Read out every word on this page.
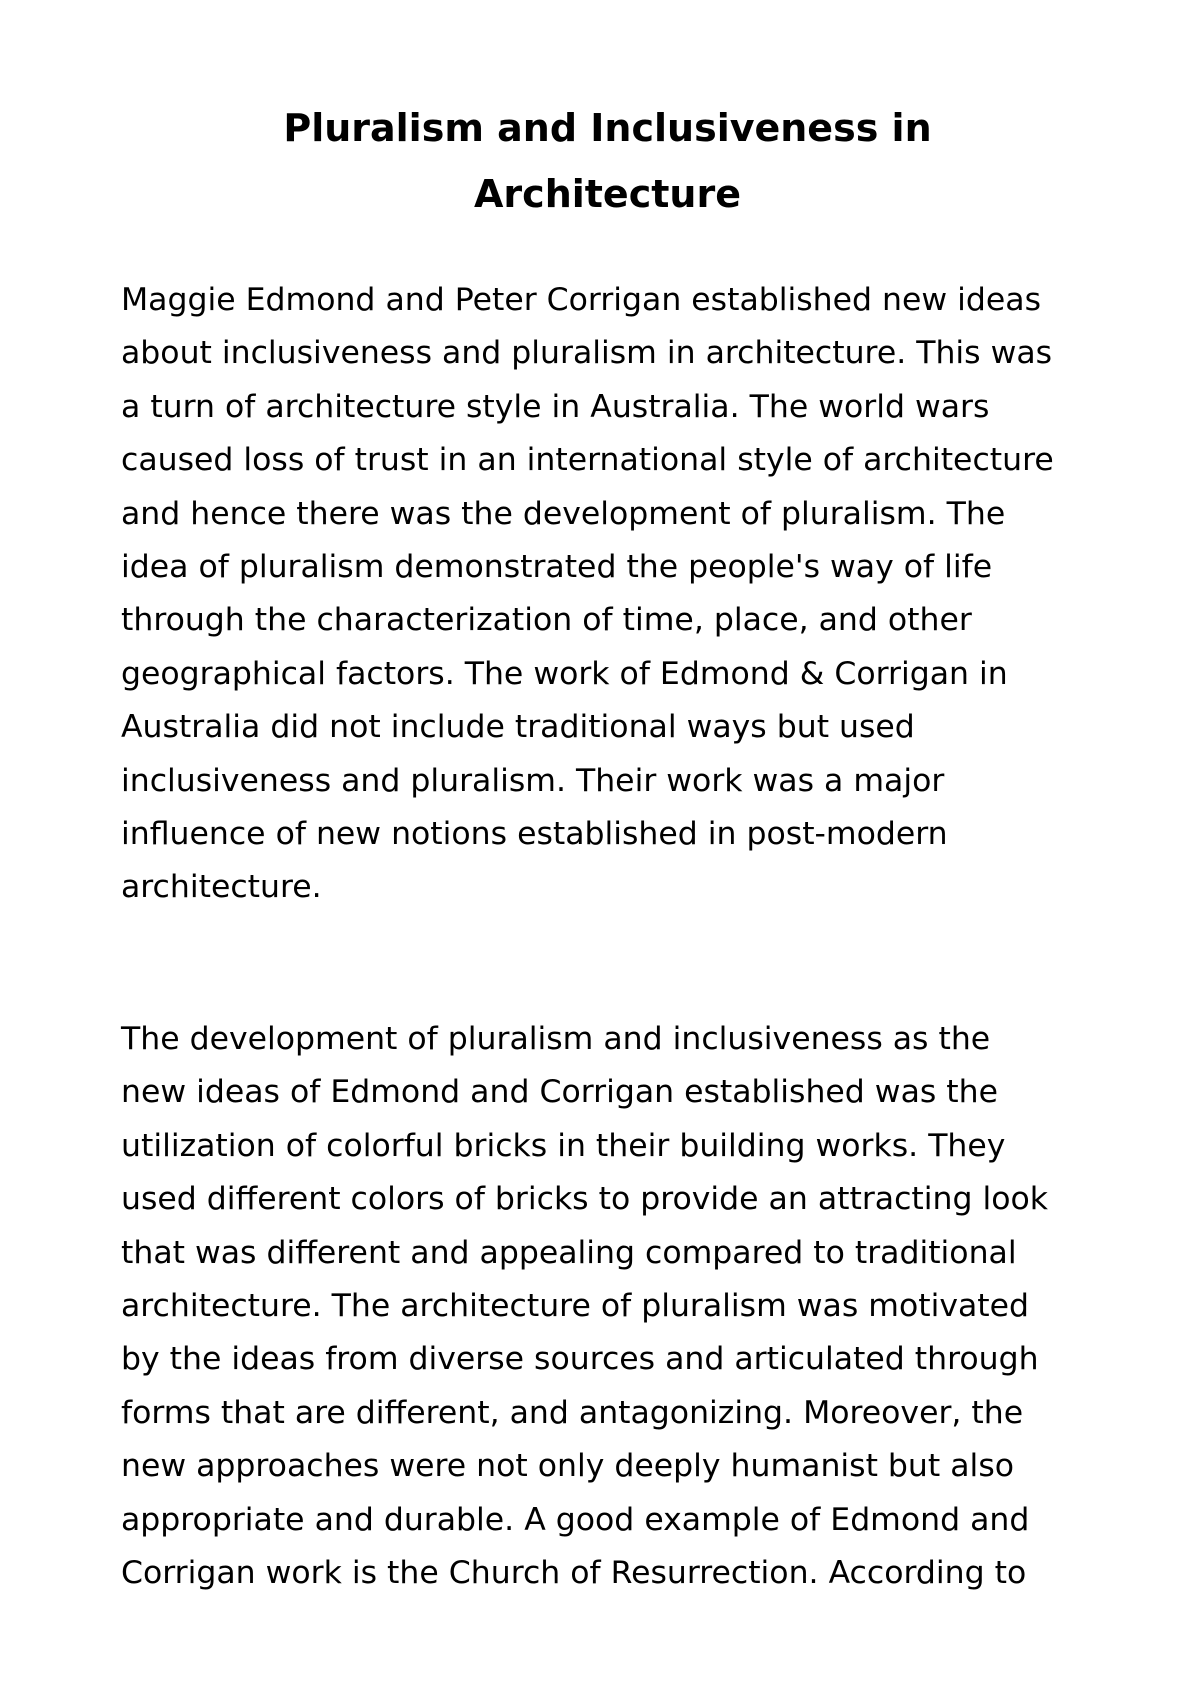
Pluralism and Inclusiveness in
Architecture
Maggie Edmond and Peter Corrigan established new ideas
about inclusiveness and pluralism in architecture. This was
a turn of architecture style in Australia. The world wars
caused loss of trust in an international style of architecture
and hence there was the development of pluralism. The
idea of pluralism demonstrated the people's way of life
through the characterization of time, place, and other
geographical factors. The work of Edmond & Corrigan in
Australia did not include traditional ways but used
inclusiveness and pluralism. Their work was a major
influence of new notions established in post-modern
architecture.
The development of pluralism and inclusiveness as the
new ideas of Edmond and Corrigan established was the
utilization of colorful bricks in their building works. They
used different colors of bricks to provide an attracting look
that was different and appealing compared to traditional
architecture. The architecture of pluralism was motivated
by the ideas from diverse sources and articulated through
forms that are different, and antagonizing. Moreover, the
new approaches were not only deeply humanist but also
appropriate and durable. A good example of Edmond and
Corrigan work is the Church of Resurrection. According to
